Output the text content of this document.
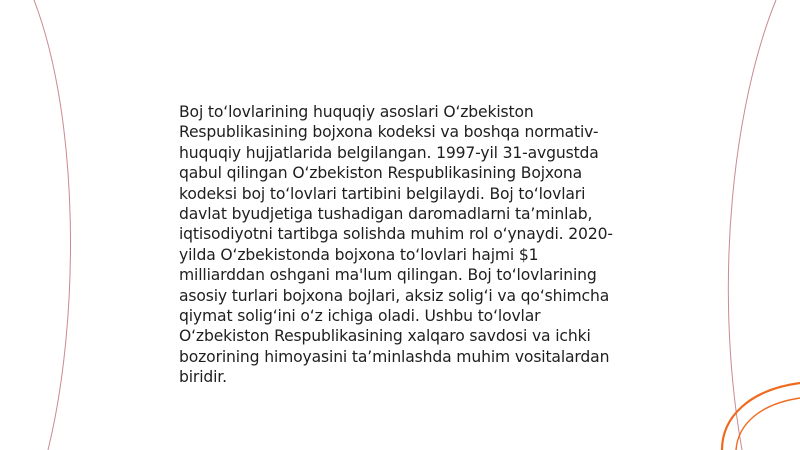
Boj to‘lovlarining huquqiy asoslari O‘zbekiston Respublikasining bojxona kodeksi va boshqa normativ-huquqiy hujjatlarida belgilangan. 1997-yil 31-avgustda qabul qilingan O‘zbekiston Respublikasining Bojxona kodeksi boj to‘lovlari tartibini belgilaydi. Boj to‘lovlari davlat byudjetiga tushadigan daromadlarni ta’minlab, iqtisodiyotni tartibga solishda muhim rol o‘ynaydi. 2020-yilda O‘zbekistonda bojxona to‘lovlari hajmi $1 milliarddan oshgani ma'lum qilingan. Boj to‘lovlarining asosiy turlari bojxona bojlari, aksiz solig‘i va qo‘shimcha qiymat solig‘ini o‘z ichiga oladi. Ushbu to‘lovlar O‘zbekiston Respublikasining xalqaro savdosi va ichki bozorining himoyasini ta’minlashda muhim vositalardan biridir.
